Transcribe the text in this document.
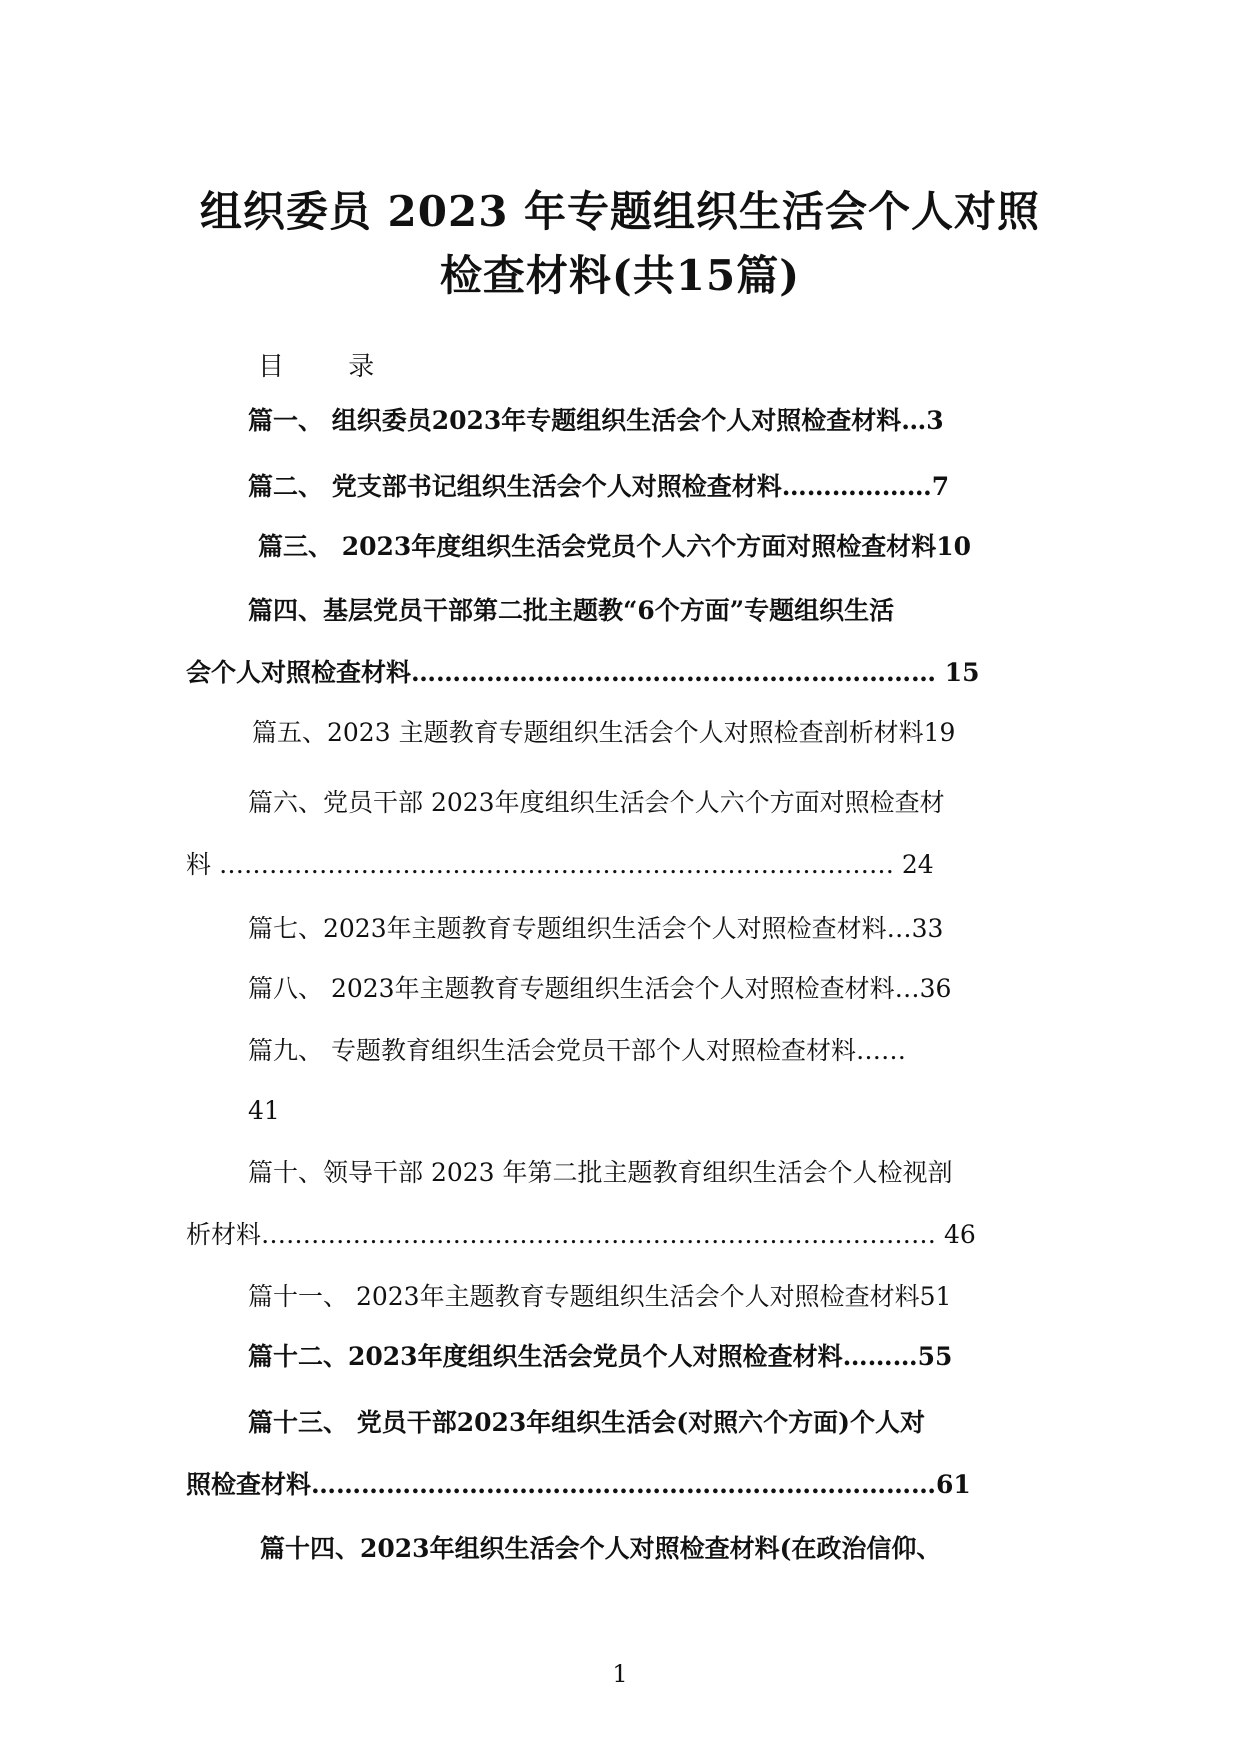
组织委员 2023 年专题组织生活会个人对照
检查材料(共15篇)
目 录
篇一、 组织委员2023年专题组织生活会个人对照检查材料…3
篇二、 党支部书记组织生活会个人对照检查材料………………7
篇三、 2023年度组织生活会党员个人六个方面对照检查材料10
篇四、基层党员干部第二批主题教“6个方面”专题组织生活
会个人对照检查材料……………………………………………………… 15
篇五、2023 主题教育专题组织生活会个人对照检查剖析材料19
篇六、党员干部 2023年度组织生活会个人六个方面对照检查材
料 ……………………………………………………………………… 24
篇七、2023年主题教育专题组织生活会个人对照检查材料…33
篇八、 2023年主题教育专题组织生活会个人对照检查材料…36
篇九、 专题教育组织生活会党员干部个人对照检查材料……
41
篇十、领导干部 2023 年第二批主题教育组织生活会个人检视剖
析材料……………………………………………………………………… 46
篇十一、 2023年主题教育专题组织生活会个人对照检查材料51
篇十二、2023年度组织生活会党员个人对照检查材料………55
篇十三、 党员干部2023年组织生活会(对照六个方面)个人对
照检查材料…………………………………………………………………61
篇十四、2023年组织生活会个人对照检查材料(在政治信仰、
1
